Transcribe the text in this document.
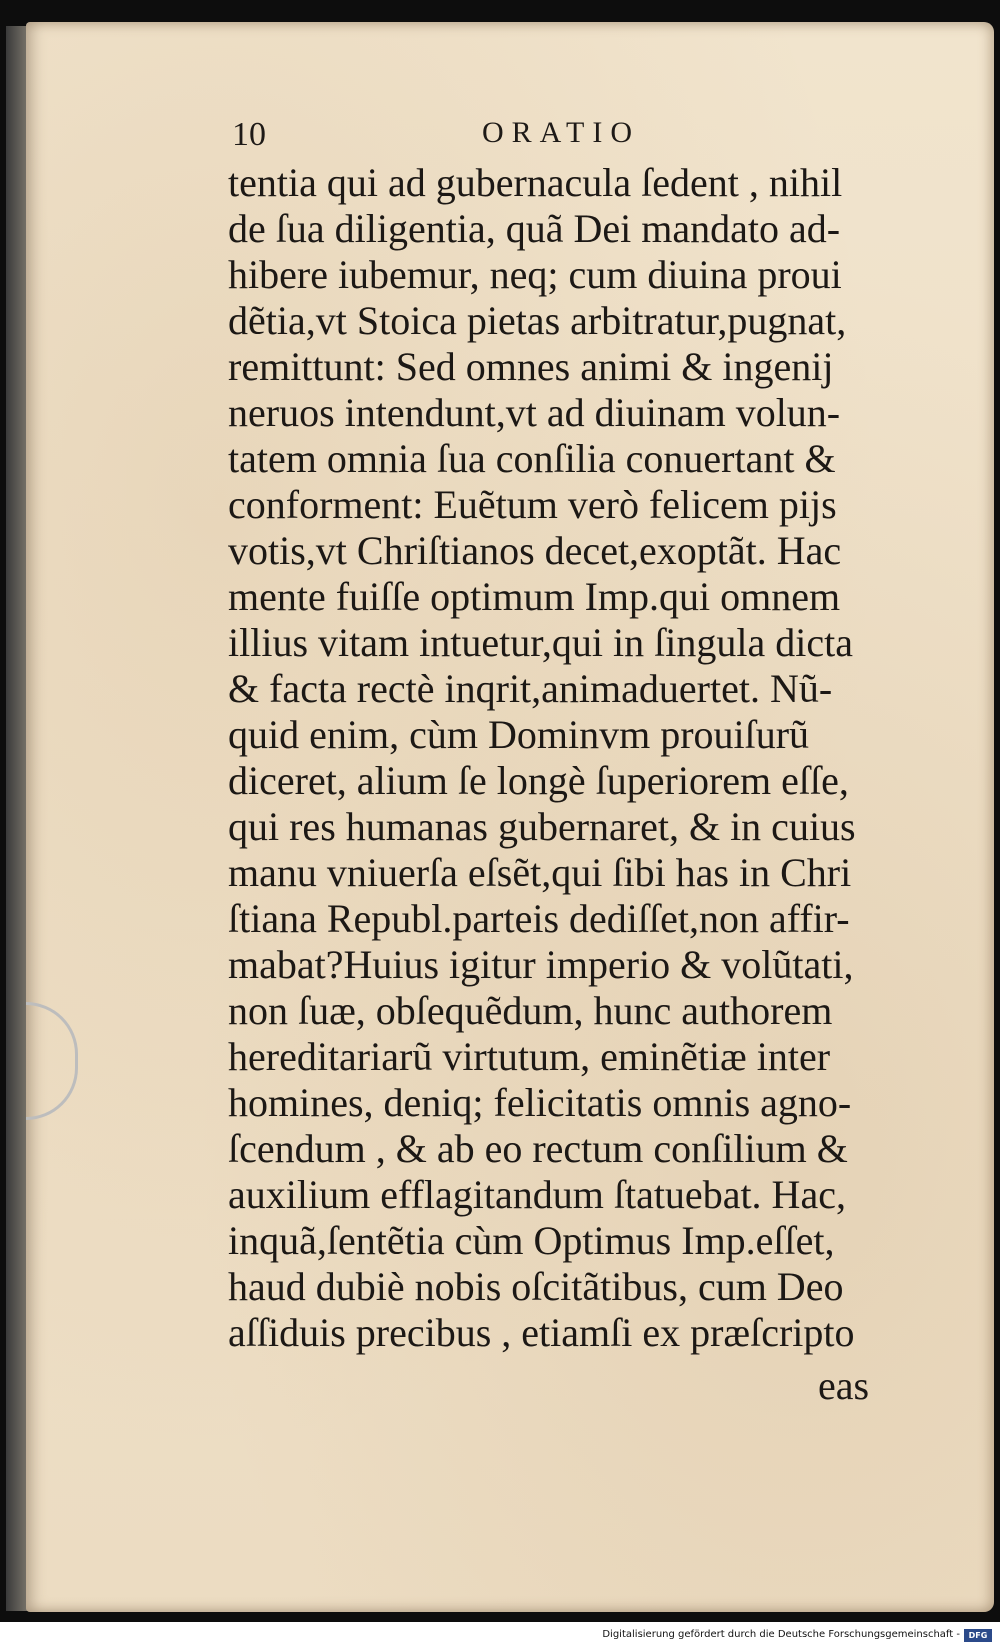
10	ORATIO
tentia qui ad gubernacula ſedent , nihil
de ſua diligentia, quã Dei mandato ad-
hibere iubemur, neq; cum diuina proui
dẽtia,vt Stoica pietas arbitratur,pugnat,
remittunt: Sed omnes animi & ingenij
neruos intendunt,vt ad diuinam volun-
tatem omnia ſua conſilia conuertant &
conforment: Euẽtum verò felicem pijs
votis,vt Chriſtianos decet,exoptãt. Hac
mente fuiſſe optimum Imp.qui omnem
illius vitam intuetur,qui in ſingula dicta
& facta rectè inqrit,animaduertet. Nũ-
quid enim, cùm Dominvm prouiſurũ
diceret, alium ſe longè ſuperiorem eſſe,
qui res humanas gubernaret, & in cuius
manu vniuerſa eſsẽt,qui ſibi has in Chri
ſtiana Republ.parteis dediſſet,non affir-
mabat?Huius igitur imperio & volũtati,
non ſuæ, obſequẽdum, hunc authorem
hereditariarũ virtutum, eminẽtiæ inter
homines, deniq; felicitatis omnis agno-
ſcendum , & ab eo rectum conſilium &
auxilium efflagitandum ſtatuebat. Hac,
inquã,ſentẽtia cùm Optimus Imp.eſſet,
haud dubiè nobis oſcitãtibus, cum Deo
aſſiduis precibus , etiamſi ex præſcripto
eas
Digitalisierung gefördert durch die Deutsche Forschungsgemeinschaft -	DFG
